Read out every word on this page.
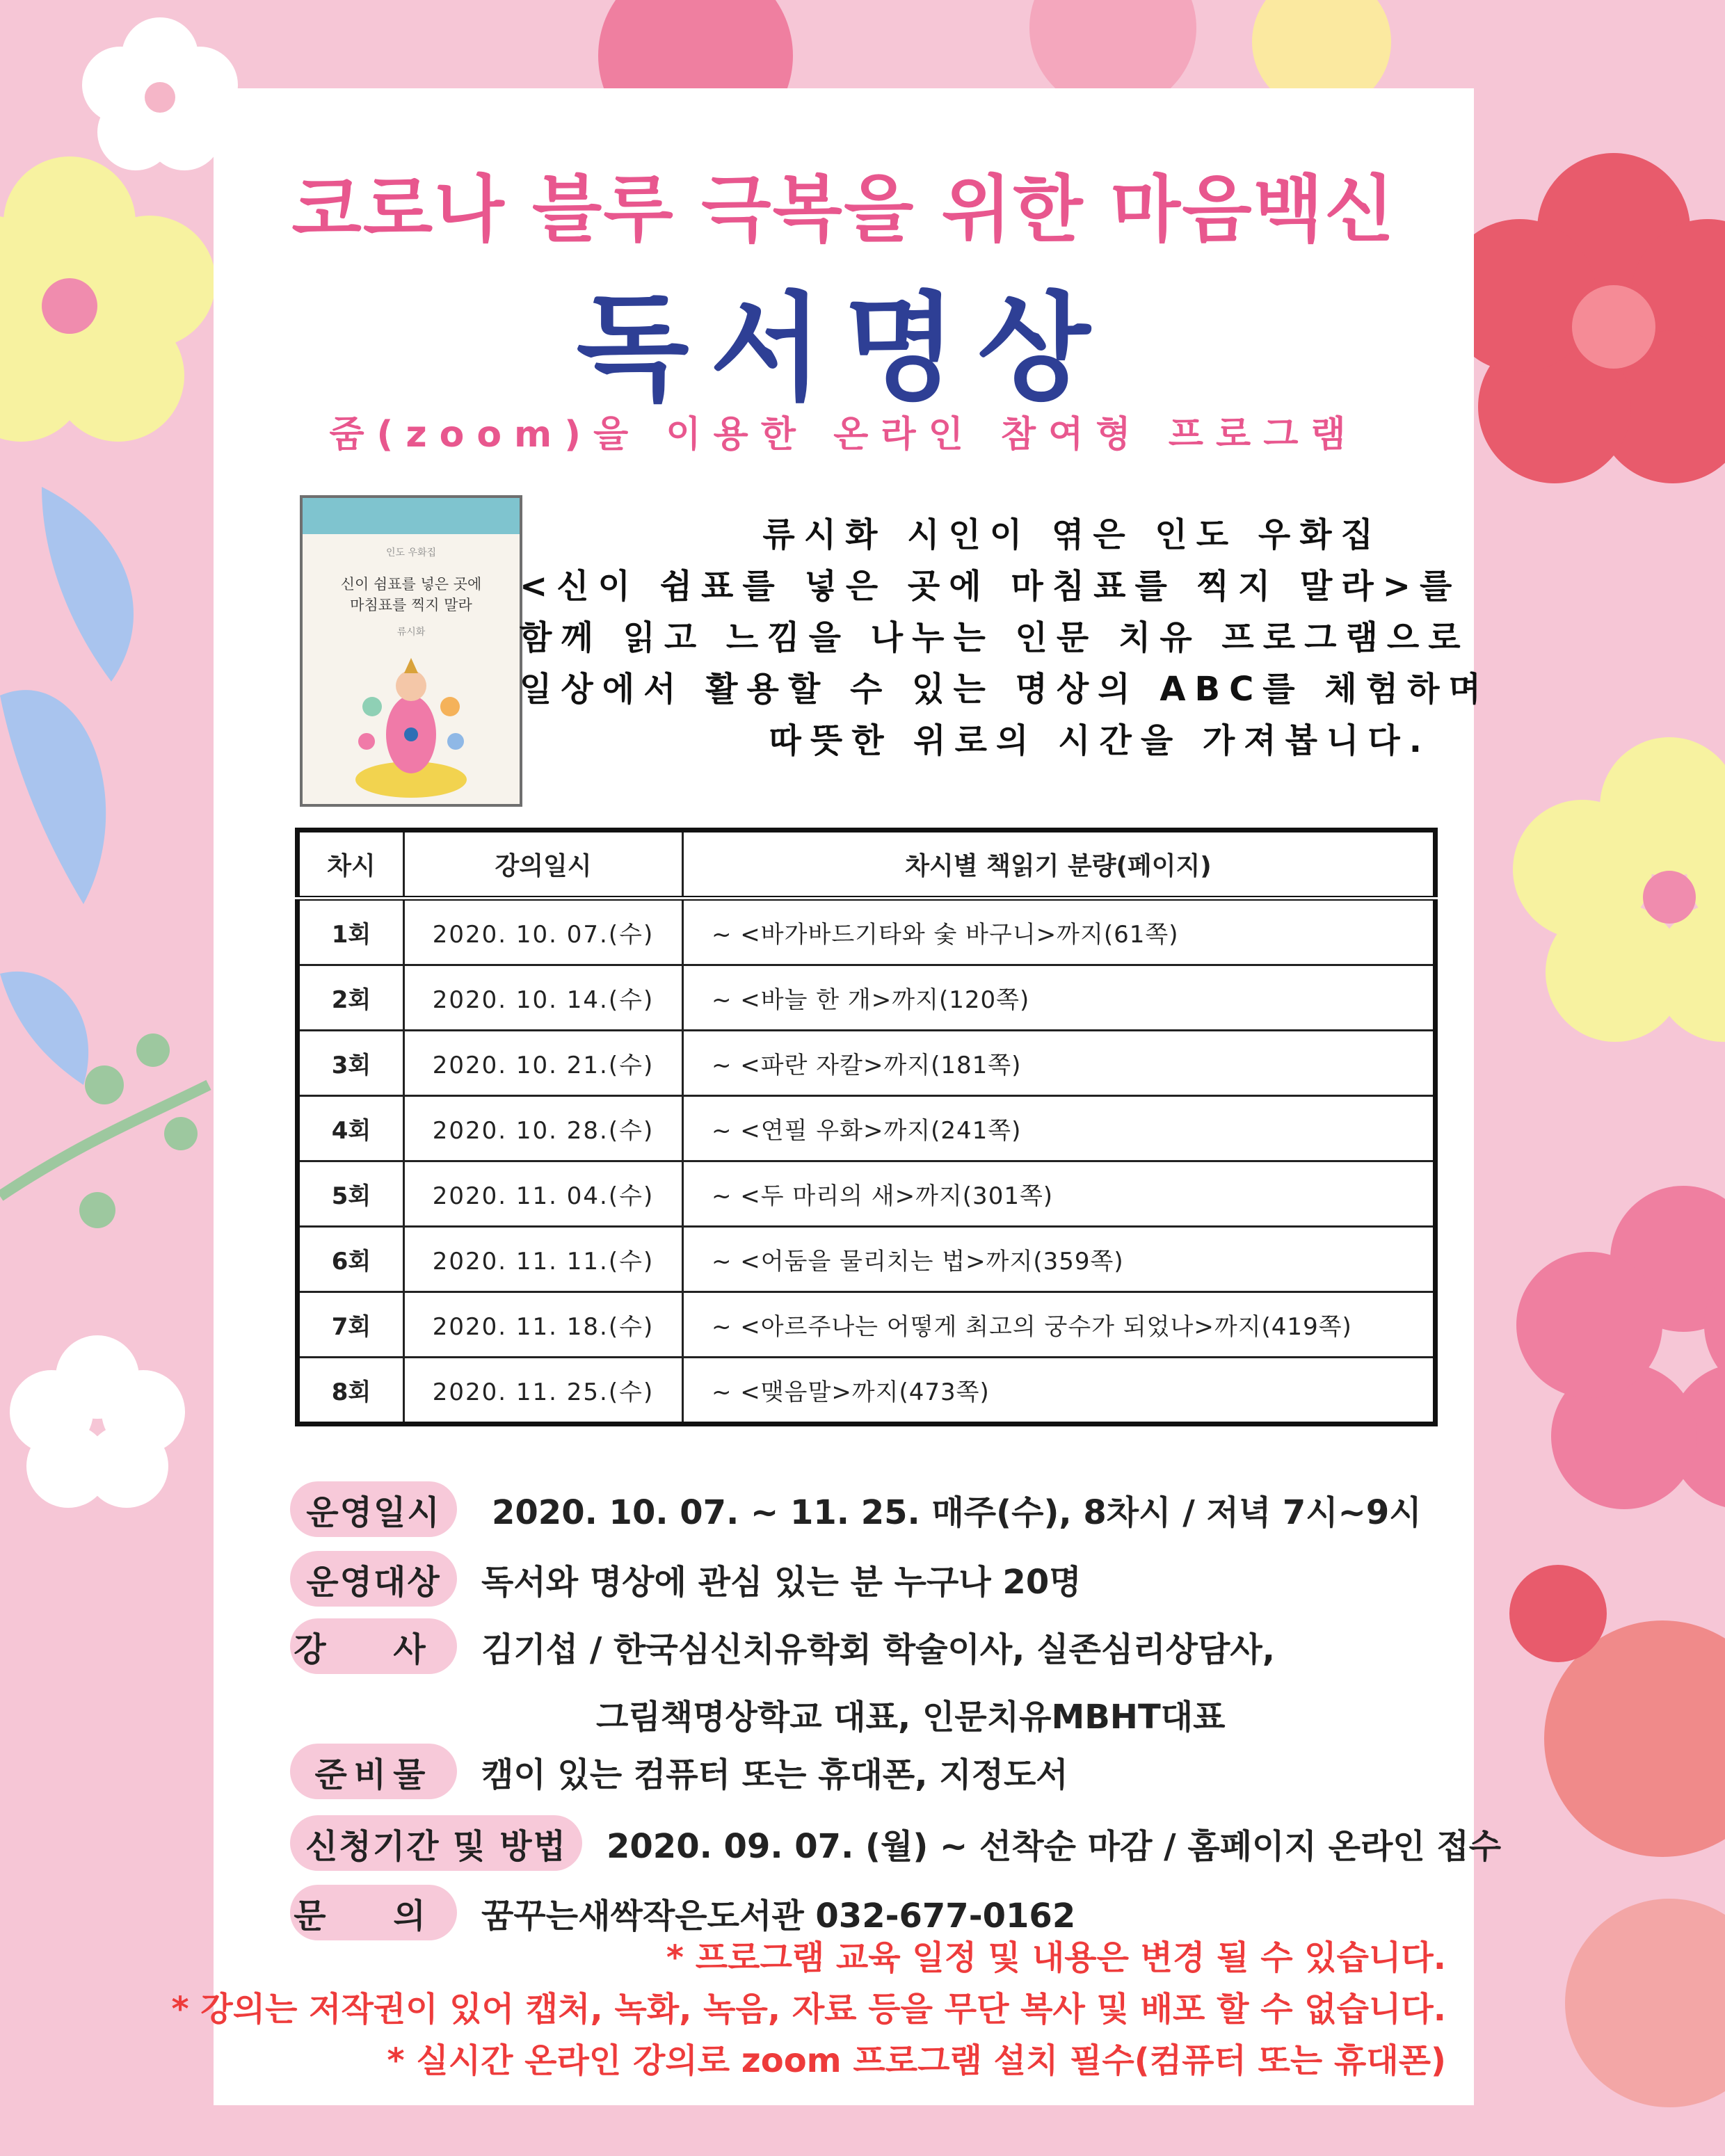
코로나 블루 극복을 위한 마음백신
독서명상
줌(zoom)을 이용한 온라인 참여형 프로그램
인도 우화집
신이 쉼표를 넣은 곳에
마침표를 찍지 말라
류시화
류시화 시인이 엮은 인도 우화집
<신이 쉼표를 넣은 곳에 마침표를 찍지 말라>를
함께 읽고 느낌을 나누는 인문 치유 프로그램으로
일상에서 활용할 수 있는 명상의 ABC를 체험하며
따뜻한 위로의 시간을 가져봅니다.
차시	강의일시	차시별 책읽기 분량(페이지)
1회	2020. 10. 07.(수)	~ <바가바드기타와 숯 바구니>까지(61쪽)
2회	2020. 10. 14.(수)	~ <바늘 한 개>까지(120쪽)
3회	2020. 10. 21.(수)	~ <파란 자칼>까지(181쪽)
4회	2020. 10. 28.(수)	~ <연필 우화>까지(241쪽)
5회	2020. 11. 04.(수)	~ <두 마리의 새>까지(301쪽)
6회	2020. 11. 11.(수)	~ <어둠을 물리치는 법>까지(359쪽)
7회	2020. 11. 18.(수)	~ <아르주나는 어떻게 최고의 궁수가 되었나>까지(419쪽)
8회	2020. 11. 25.(수)	~ <맺음말>까지(473쪽)
운영일시	2020. 10. 07. ~ 11. 25. 매주(수), 8차시 / 저녁 7시~9시
운영대상	독서와 명상에 관심 있는 분 누구나 20명
강 사 김기섭 / 한국심신치유학회 학술이사, 실존심리상담사,
그림책명상학교 대표, 인문치유MBHT대표
준비물	캠이 있는 컴퓨터 또는 휴대폰, 지정도서
신청기간 및 방법	2020. 09. 07. (월) ~ 선착순 마감 / 홈페이지 온라인 접수
문 의 꿈꾸는새싹작은도서관 032-677-0162
* 프로그램 교육 일정 및 내용은 변경 될 수 있습니다.
* 강의는 저작권이 있어 캡처, 녹화, 녹음, 자료 등을 무단 복사 및 배포 할 수 없습니다.
* 실시간 온라인 강의로 zoom 프로그램 설치 필수(컴퓨터 또는 휴대폰)
